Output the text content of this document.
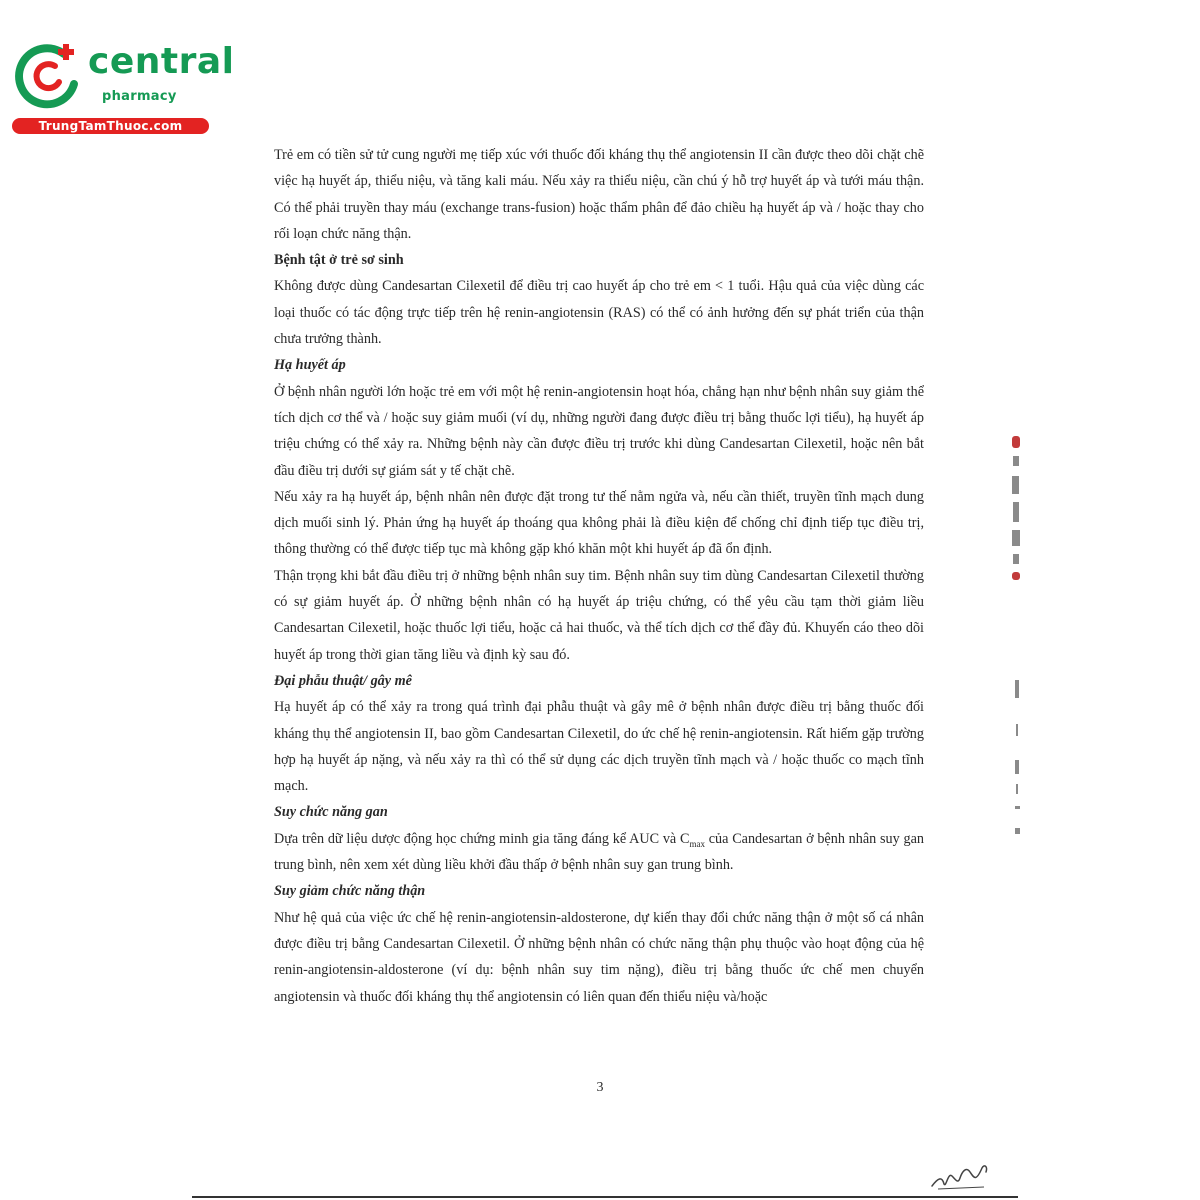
central
pharmacy
TrungTamThuoc.com

Trẻ em có tiền sử tử cung người mẹ tiếp xúc với thuốc đối kháng thụ thể angiotensin II cần được theo dõi chặt chẽ việc hạ huyết áp, thiểu niệu, và tăng kali máu. Nếu xảy ra thiểu niệu, cần chú ý hỗ trợ huyết áp và tưới máu thận. Có thể phải truyền thay máu (exchange trans-fusion) hoặc thẩm phân để đảo chiều hạ huyết áp và / hoặc thay cho rối loạn chức năng thận.

Bệnh tật ở trẻ sơ sinh

Không được dùng Candesartan Cilexetil để điều trị cao huyết áp cho trẻ em < 1 tuổi. Hậu quả của việc dùng các loại thuốc có tác động trực tiếp trên hệ renin-angiotensin (RAS) có thể có ảnh hưởng đến sự phát triển của thận chưa trưởng thành.

Hạ huyết áp

Ở bệnh nhân người lớn hoặc trẻ em với một hệ renin-angiotensin hoạt hóa, chẳng hạn như bệnh nhân suy giảm thể tích dịch cơ thể và / hoặc suy giảm muối (ví dụ, những người đang được điều trị bằng thuốc lợi tiểu), hạ huyết áp triệu chứng có thể xảy ra. Những bệnh này cần được điều trị trước khi dùng Candesartan Cilexetil, hoặc nên bắt đầu điều trị dưới sự giám sát y tế chặt chẽ.

Nếu xảy ra hạ huyết áp, bệnh nhân nên được đặt trong tư thế nằm ngửa và, nếu cần thiết, truyền tĩnh mạch dung dịch muối sinh lý. Phản ứng hạ huyết áp thoáng qua không phải là điều kiện để chống chỉ định tiếp tục điều trị, thông thường có thể được tiếp tục mà không gặp khó khăn một khi huyết áp đã ổn định.

Thận trọng khi bắt đầu điều trị ở những bệnh nhân suy tim. Bệnh nhân suy tim dùng Candesartan Cilexetil thường có sự giảm huyết áp. Ở những bệnh nhân có hạ huyết áp triệu chứng, có thể yêu cầu tạm thời giảm liều Candesartan Cilexetil, hoặc thuốc lợi tiểu, hoặc cả hai thuốc, và thể tích dịch cơ thể đầy đủ. Khuyến cáo theo dõi huyết áp trong thời gian tăng liều và định kỳ sau đó.

Đại phẫu thuật/ gây mê

Hạ huyết áp có thể xảy ra trong quá trình đại phẫu thuật và gây mê ở bệnh nhân được điều trị bằng thuốc đối kháng thụ thể angiotensin II, bao gồm Candesartan Cilexetil, do ức chế hệ renin-angiotensin. Rất hiếm gặp trường hợp hạ huyết áp nặng, và nếu xảy ra thì có thể sử dụng các dịch truyền tĩnh mạch và / hoặc thuốc co mạch tĩnh mạch.

Suy chức năng gan

Dựa trên dữ liệu dược động học chứng minh gia tăng đáng kể AUC và $C_{max}$ của Candesartan ở bệnh nhân suy gan trung bình, nên xem xét dùng liều khởi đầu thấp ở bệnh nhân suy gan trung bình.

Suy giảm chức năng thận

Như hệ quả của việc ức chế hệ renin-angiotensin-aldosterone, dự kiến thay đổi chức năng thận ở một số cá nhân được điều trị bằng Candesartan Cilexetil. Ở những bệnh nhân có chức năng thận phụ thuộc vào hoạt động của hệ renin-angiotensin-aldosterone (ví dụ: bệnh nhân suy tim nặng), điều trị bằng thuốc ức chế men chuyển angiotensin và thuốc đối kháng thụ thể angiotensin có liên quan đến thiểu niệu và/hoặc

3
